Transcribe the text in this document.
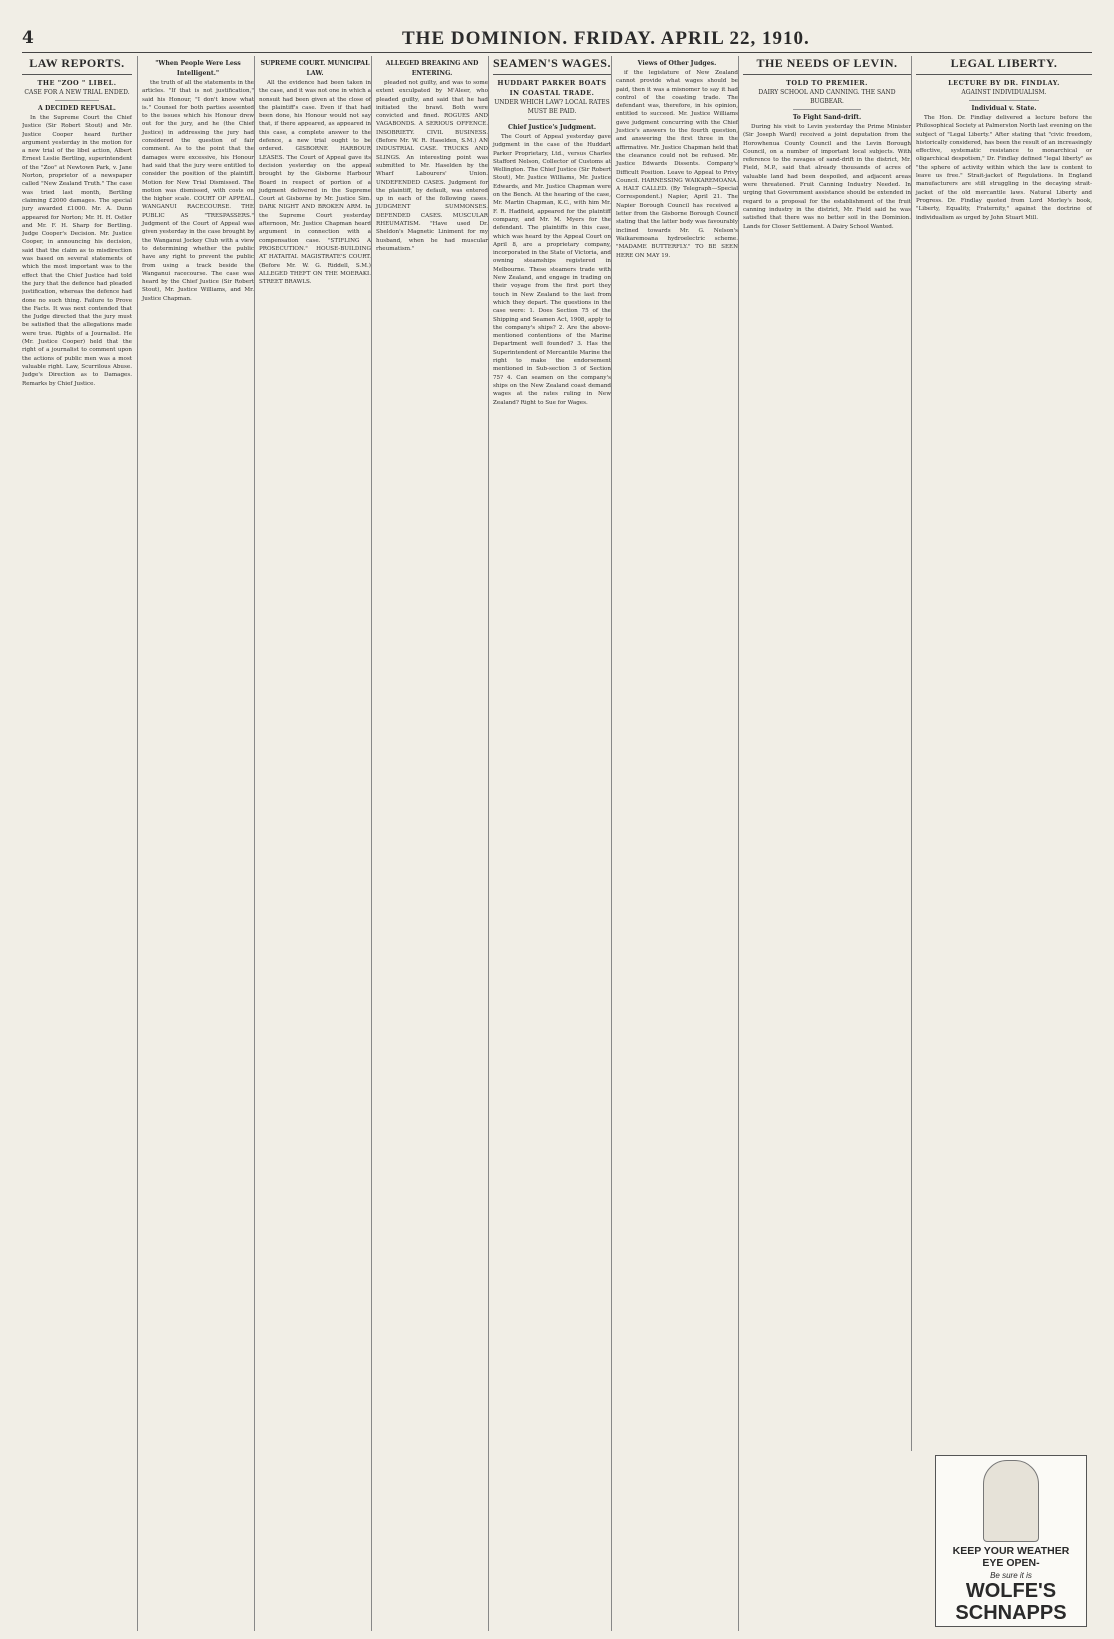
4	THE DOMINION. FRIDAY. APRIL 22, 1910.
LAW REPORTS.
THE "ZOO " LIBEL.
CASE FOR A NEW TRIAL ENDED.
A DECIDED REFUSAL.

In the Supreme Court the Chief Justice (Sir Robert Stout) and Mr. Justice Cooper heard further argument yesterday in the motion for a new trial of the libel action, Albert Ernest Leslie Bertling, superintendent of the "Zoo" at Newtown Park, v. Jane Norton, proprietor of a newspaper called "New Zealand Truth." The case was tried last month, Bertling claiming £2000 damages. The special jury awarded £1000. Mr. A. Dunn appeared for Norton; Mr. H. H. Ostler and Mr. F. H. Sharp for Bertling. Judge Cooper's Decision. Mr. Justice Cooper, in announcing his decision, said that the claim as to misdirection was based on several statements of which the most important was to the effect that the Chief Justice had told the jury that the defence had pleaded justification, whereas the defence had done no such thing. Failure to Prove the Facts. It was next contended that the Judge directed that the jury must be satisfied that the allegations made were true. Rights of a Journalist. He (Mr. Justice Cooper) held that the right of a journalist to comment upon the actions of public men was a most valuable right. Law, Scurrilous Abuse. Judge's Direction as to Damages. Remarks by Chief Justice.

"When People Were Less Intelligent."

the truth of all the statements in the articles. "If that is not justification," said his Honour, "I don't know what is." Counsel for both parties assented to the issues which his Honour drew out for the jury, and he (the Chief Justice) in addressing the jury had considered the question of fair comment. As to the point that the damages were excessive, his Honour had said that the jury were entitled to consider the position of the plaintiff. Motion for New Trial Dismissed. The motion was dismissed, with costs on the higher scale. COURT OF APPEAL. WANGANUI RACECOURSE. THE PUBLIC AS "TRESPASSERS." Judgment of the Court of Appeal was given yesterday in the case brought by the Wanganui Jockey Club with a view to determining whether the public have any right to prevent the public from using a track beside the Wanganui racecourse. The case was heard by the Chief Justice (Sir Robert Stout), Mr. Justice Williams, and Mr. Justice Chapman.

SUPREME COURT. MUNICIPAL LAW.

All the evidence had been taken in the case, and it was not one in which a nonsuit had been given at the close of the plaintiff's case. Even if that had been done, his Honour would not say that, if there appeared, as appeared in this case, a complete answer to the defence, a new trial ought to be ordered. GISBORNE HARBOUR LEASES. The Court of Appeal gave its decision yesterday on the appeal brought by the Gisborne Harbour Board in respect of portion of a judgment delivered in the Supreme Court at Gisborne by Mr. Justice Sim. DARK NIGHT AND BROKEN ARM. In the Supreme Court yesterday afternoon, Mr. Justice Chapman heard argument in connection with a compensation case. "STIFLING A PROSECUTION." HOUSE-BUILDING AT HATAITAI. MAGISTRATE'S COURT. (Before Mr. W. G. Riddell, S.M.) ALLEGED THEFT ON THE MOERAKI. STREET BRAWLS.

ALLEGED BREAKING AND ENTERING.

pleaded not guilty, and was to some extent exculpated by M'Aleer, who pleaded guilty, and said that he had initiated the brawl. Both were convicted and fined. ROGUES AND VAGABONDS. A SERIOUS OFFENCE. INSOBRIETY. CIVIL BUSINESS. (Before Mr. W. R. Haselden, S.M.) AN INDUSTRIAL CASE. TRUCKS AND SLINGS. An interesting point was submitted to Mr. Haselden by the Wharf Labourers' Union. UNDEFENDED CASES. Judgment for the plaintiff, by default, was entered up in each of the following cases. JUDGMENT SUMMONSES. DEFENDED CASES. MUSCULAR RHEUMATISM. "Have used Dr. Sheldon's Magnetic Liniment for my husband, when he had muscular rheumatism."

SEAMEN'S WAGES.
HUDDART PARKER BOATS IN COASTAL TRADE.
UNDER WHICH LAW? LOCAL RATES MUST BE PAID.
Chief Justice's Judgment.

The Court of Appeal yesterday gave judgment in the case of the Huddart Parker Proprietary, Ltd., versus Charles Stafford Nelson, Collector of Customs at Wellington. The Chief Justice (Sir Robert Stout), Mr. Justice Williams, Mr. Justice Edwards, and Mr. Justice Chapman were on the Bench. At the hearing of the case, Mr. Martin Chapman, K.C., with him Mr. F. R. Hadfield, appeared for the plaintiff company, and Mr. M. Myers for the defendant. The plaintiffs in this case, which was heard by the Appeal Court on April 8, are a proprietary company, incorporated in the State of Victoria, and owning steamships registered in Melbourne. These steamers trade with New Zealand, and engage in trading on their voyage from the first port they touch in New Zealand to the last from which they depart. The questions in the case were: 1. Does Section 75 of the Shipping and Seamen Act, 1908, apply to the company's ships? 2. Are the above-mentioned contentions of the Marine Department well founded? 3. Has the Superintendent of Mercantile Marine the right to make the endorsement mentioned in Sub-section 3 of Section 75? 4. Can seamen on the company's ships on the New Zealand coast demand wages at the rates ruling in New Zealand? Right to Sue for Wages.

Views of Other Judges.

if the legislature of New Zealand cannot provide what wages should be paid, then it was a misnomer to say it had control of the coasting trade. The defendant was, therefore, in his opinion, entitled to succeed. Mr. Justice Williams gave judgment concurring with the Chief Justice's answers to the fourth question, and answering the first three in the affirmative. Mr. Justice Chapman held that the clearance could not be refused. Mr. Justice Edwards Dissents. Company's Difficult Position. Leave to Appeal to Privy Council. HARNESSING WAIKAREMOANA. A HALT CALLED. (By Telegraph—Special Correspondent.) Napier, April 21. The Napier Borough Council has received a letter from the Gisborne Borough Council stating that the latter body was favourably inclined towards Mr. G. Nelson's Waikaremoana hydroelectric scheme. "MADAME BUTTERFLY." TO BE SEEN HERE ON MAY 19.

THE NEEDS OF LEVIN.
TOLD TO PREMIER.
DAIRY SCHOOL AND CANNING. THE SAND BUGBEAR.
To Fight Sand-drift.

During his visit to Levin yesterday the Prime Minister (Sir Joseph Ward) received a joint deputation from the Horowhenua County Council and the Levin Borough Council, on a number of important local subjects. With reference to the ravages of sand-drift in the district, Mr. Field, M.P., said that already thousands of acres of valuable land had been despoiled, and adjacent areas were threatened. Fruit Canning Industry Needed. In urging that Government assistance should be extended in regard to a proposal for the establishment of the fruit canning industry in the district, Mr. Field said he was satisfied that there was no better soil in the Dominion. Lands for Closer Settlement. A Dairy School Wanted.

LEGAL LIBERTY.
LECTURE BY DR. FINDLAY.
AGAINST INDIVIDUALISM.
Individual v. State.

The Hon. Dr. Findlay delivered a lecture before the Philosophical Society at Palmerston North last evening on the subject of "Legal Liberty." After stating that "civic freedom, historically considered, has been the result of an increasingly effective, systematic resistance to monarchical or oligarchical despotism," Dr. Findlay defined "legal liberty" as "the sphere of activity within which the law is content to leave us free." Strait-jacket of Regulations. In England manufacturers are still struggling in the decaying strait-jacket of the old mercantile laws. Natural Liberty and Progress. Dr. Findlay quoted from Lord Morley's book, "Liberty, Equality, Fraternity," against the doctrine of individualism as urged by John Stuart Mill.

KEEP YOUR WEATHER
EYE OPEN-
Be sure it is
WOLFE'S
SCHNAPPS
